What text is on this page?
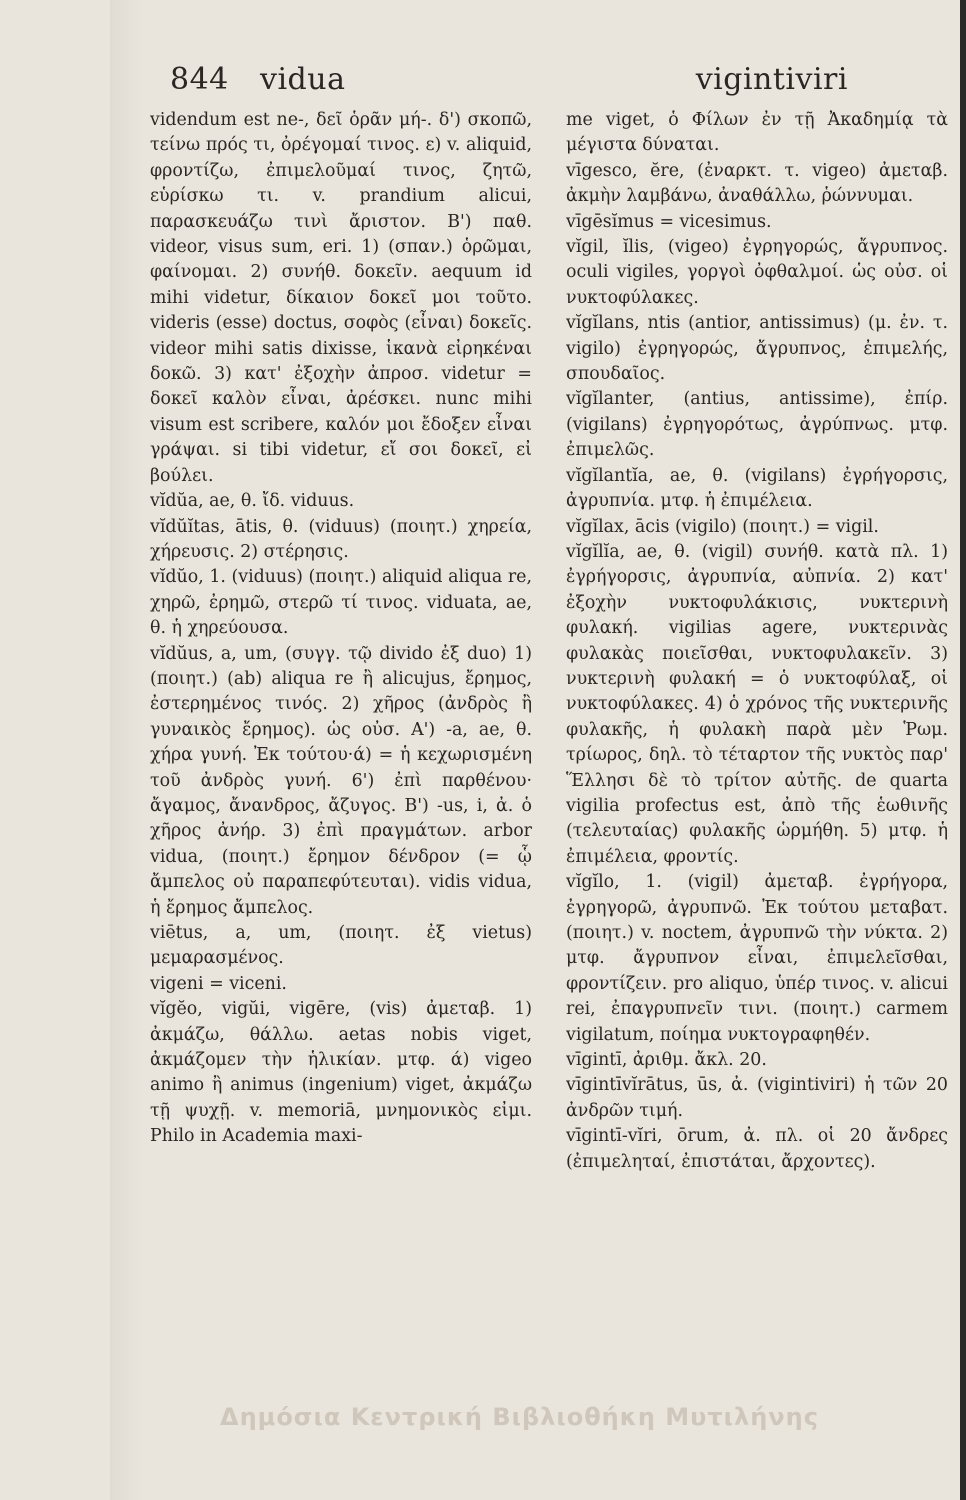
844 vidua	vigintiviri

videndum est ne-, δεῖ ὁρᾶν μή-. δ') σκοπῶ, τείνω πρός τι, ὀρέγομαί τινος. ε) v. aliquid, φροντίζω, ἐπιμελοῦμαί τινος, ζητῶ, εὑρίσκω τι. v. prandium alicui, παρασκευάζω τινὶ ἄριστον. B') παθ. videor, visus sum, eri. 1) (σπαν.) ὁρῶμαι, φαίνομαι. 2) συνήθ. δοκεῖν. aequum id mihi videtur, δίκαιον δοκεῖ μοι τοῦτο. videris (esse) doctus, σοφὸς (εἶναι) δοκεῖς. videor mihi satis dixisse, ἱκανὰ εἰρηκέναι δοκῶ. 3) κατ' ἐξοχὴν ἀπροσ. videtur = δοκεῖ καλὸν εἶναι, ἀρέσκει. nunc mihi visum est scribere, καλόν μοι ἔδοξεν εἶναι γράψαι. si tibi videtur, εἴ σοι δοκεῖ, εἰ βούλει.

vĭdŭa, ae, θ. ἴδ. viduus.

vĭdŭĭtas, ātis, θ. (viduus) (ποιητ.) χηρεία, χήρευσις. 2) στέρησις.

vĭdŭo, 1. (viduus) (ποιητ.) aliquid aliqua re, χηρῶ, ἐρημῶ, στερῶ τί τινος. viduata, ae, θ. ἡ χηρεύουσα.

vĭdŭus, a, um, (συγγ. τῷ divido ἐξ duo) 1) (ποιητ.) (ab) aliqua re ἢ alicujus, ἔρημος, ἐστερημένος τινός. 2) χῆρος (ἀνδρὸς ἢ γυναικὸς ἔρημος). ὡς οὐσ. A') -a, ae, θ. χήρα γυνή. Ἐκ τούτου·ά) = ἡ κεχωρισμένη τοῦ ἀνδρὸς γυνή. 6') ἐπὶ παρθένου· ἄγαμος, ἄνανδρος, ἄζυγος. B') -us, i, ἀ. ὁ χῆρος ἀνήρ. 3) ἐπὶ πραγμάτων. arbor vidua, (ποιητ.) ἔρημον δένδρον (= ᾧ ἄμπελος οὐ παραπεφύτευται). vidis vidua, ἡ ἔρημος ἄμπελος.

viētus, a, um, (ποιητ. ἐξ vietus) μεμαρασμένος.

vigeni = viceni.

vĭgĕo, vigŭi, vigēre, (vis) ἀμεταβ. 1) ἀκμάζω, θάλλω. aetas nobis viget, ἀκμάζομεν τὴν ἡλικίαν. μτφ. ά) vigeo animo ἢ animus (ingenium) viget, ἀκμάζω τῇ ψυχῇ. v. memoriā, μνημονικὸς εἰμι. Philo in Academia maxi-

me viget, ὁ Φίλων ἐν τῇ Ἀκαδημίᾳ τὰ μέγιστα δύναται.

vīgesco, ĕre, (ἐναρκτ. τ. vigeo) ἀμεταβ. ἀκμὴν λαμβάνω, ἀναθάλλω, ῥώννυμαι.

vīgēsĭmus = vicesimus.

vĭgil, ĭlis, (vigeo) ἐγρηγορώς, ἄγρυπνος. oculi vigiles, γοργοὶ ὀφθαλμοί. ὡς οὐσ. οἱ νυκτοφύλακες.

vĭgĭlans, ntis (antior, antissimus) (μ. ἐν. τ. vigilo) ἐγρηγορώς, ἄγρυπνος, ἐπιμελής, σπουδαῖος.

vĭgĭlanter, (antius, antissime), ἐπίρ. (vigilans) ἐγρηγορότως, ἀγρύπνως. μτφ. ἐπιμελῶς.

vĭgĭlantĭa, ae, θ. (vigilans) ἐγρήγορσις, ἀγρυπνία. μτφ. ἡ ἐπιμέλεια.

vĭgĭlax, ācis (vigilo) (ποιητ.) = vigil.

vĭgĭlĭa, ae, θ. (vigil) συνήθ. κατὰ πλ. 1) ἐγρήγορσις, ἀγρυπνία, αὐπνία. 2) κατ' ἐξοχὴν νυκτοφυλάκισις, νυκτερινὴ φυλακή. vigilias agere, νυκτερινὰς φυλακὰς ποιεῖσθαι, νυκτοφυλακεῖν. 3) νυκτερινὴ φυλακή = ὁ νυκτοφύλαξ, οἱ νυκτοφύλακες. 4) ὁ χρόνος τῆς νυκτερινῆς φυλακῆς, ἡ φυλακὴ παρὰ μὲν Ῥωμ. τρίωρος, δηλ. τὸ τέταρτον τῆς νυκτὸς παρ' Ἕλλησι δὲ τὸ τρίτον αὐτῆς. de quarta vigilia profectus est, ἀπὸ τῆς ἑωθινῆς (τελευταίας) φυλακῆς ὡρμήθη. 5) μτφ. ἡ ἐπιμέλεια, φροντίς.

vĭgĭlo, 1. (vigil) ἀμεταβ. ἐγρήγορα, ἐγρηγορῶ, ἀγρυπνῶ. Ἐκ τούτου μεταβατ. (ποιητ.) v. noctem, ἀγρυπνῶ τὴν νύκτα. 2) μτφ. ἄγρυπνον εἶναι, ἐπιμελεῖσθαι, φροντίζειν. pro aliquo, ὑπέρ τινος. v. alicui rei, ἐπαγρυπνεῖν τινι. (ποιητ.) carmem vigilatum, ποίημα νυκτογραφηθέν.

vīgintī, ἀριθμ. ἄκλ. 20.

vīgintīvĭrātus, ūs, ἀ. (vigintiviri) ἡ τῶν 20 ἀνδρῶν τιμή.

vīgintī-vĭri, ōrum, ἀ. πλ. οἱ 20 ἄνδρες (ἐπιμεληταί, ἐπιστάται, ἄρχοντες).

Δημόσια Κεντρική Βιβλιοθήκη Μυτιλήνης
